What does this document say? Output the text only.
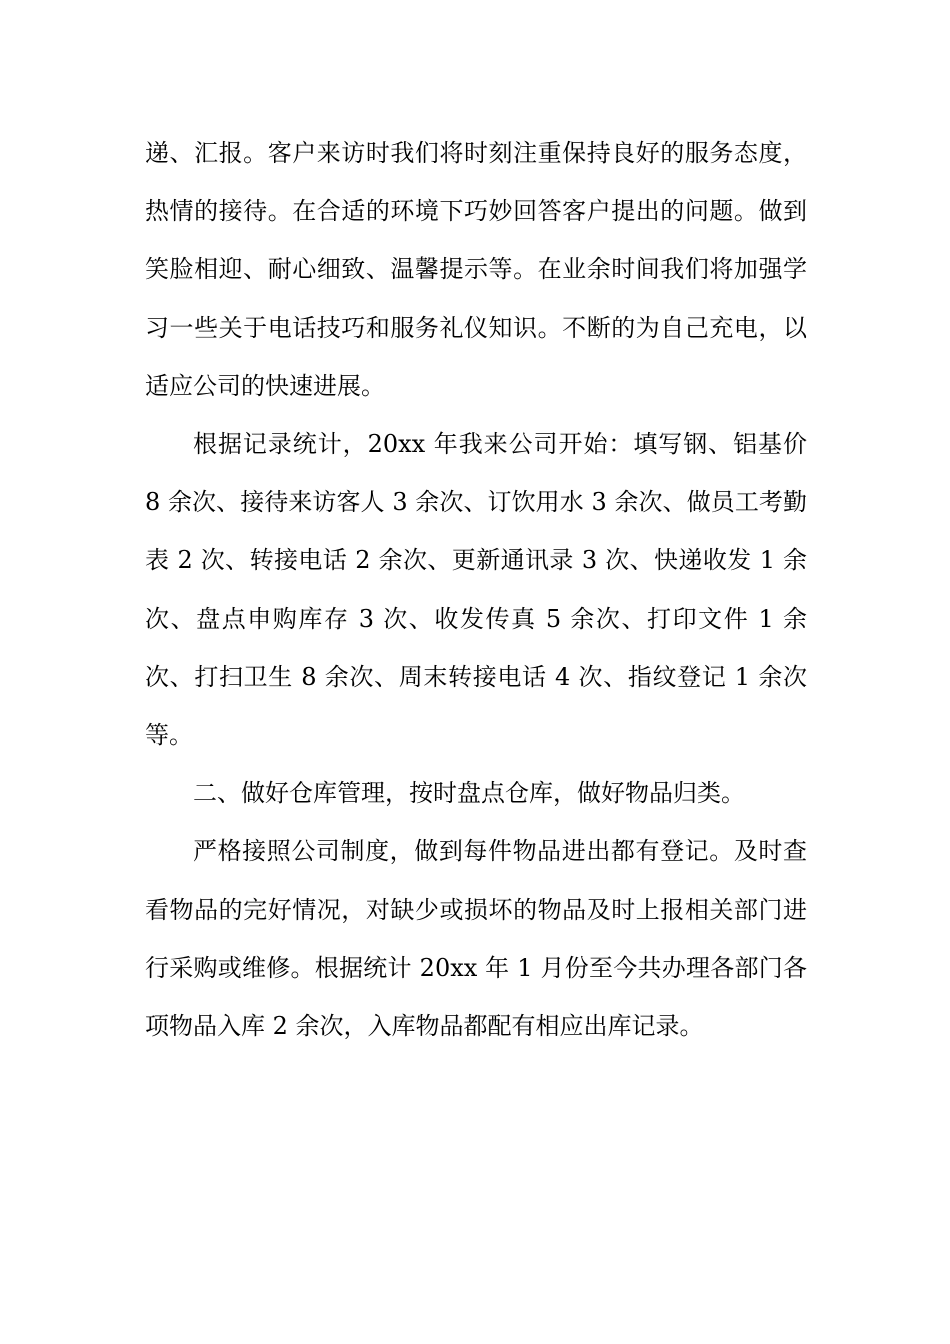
递、汇报。客户来访时我们将时刻注重保持良好的服务态度，热情的接待。在合适的环境下巧妙回答客户提出的问题。做到笑脸相迎、耐心细致、温馨提示等。在业余时间我们将加强学习一些关于电话技巧和服务礼仪知识。不断的为自己充电，以适应公司的快速进展。

根据记录统计，20xx 年我来公司开始：填写钢、铝基价 8 余次、接待来访客人 3 余次、订饮用水 3 余次、做员工考勤表 2 次、转接电话 2 余次、更新通讯录 3 次、快递收发 1 余次、盘点申购库存 3 次、收发传真 5 余次、打印文件 1 余次、打扫卫生 8 余次、周末转接电话 4 次、指纹登记 1 余次等。

二、做好仓库管理，按时盘点仓库，做好物品归类。

严格接照公司制度，做到每件物品进出都有登记。及时查看物品的完好情况，对缺少或损坏的物品及时上报相关部门进行采购或维修。根据统计 20xx 年 1 月份至今共办理各部门各项物品入库 2 余次，入库物品都配有相应出库记录。
